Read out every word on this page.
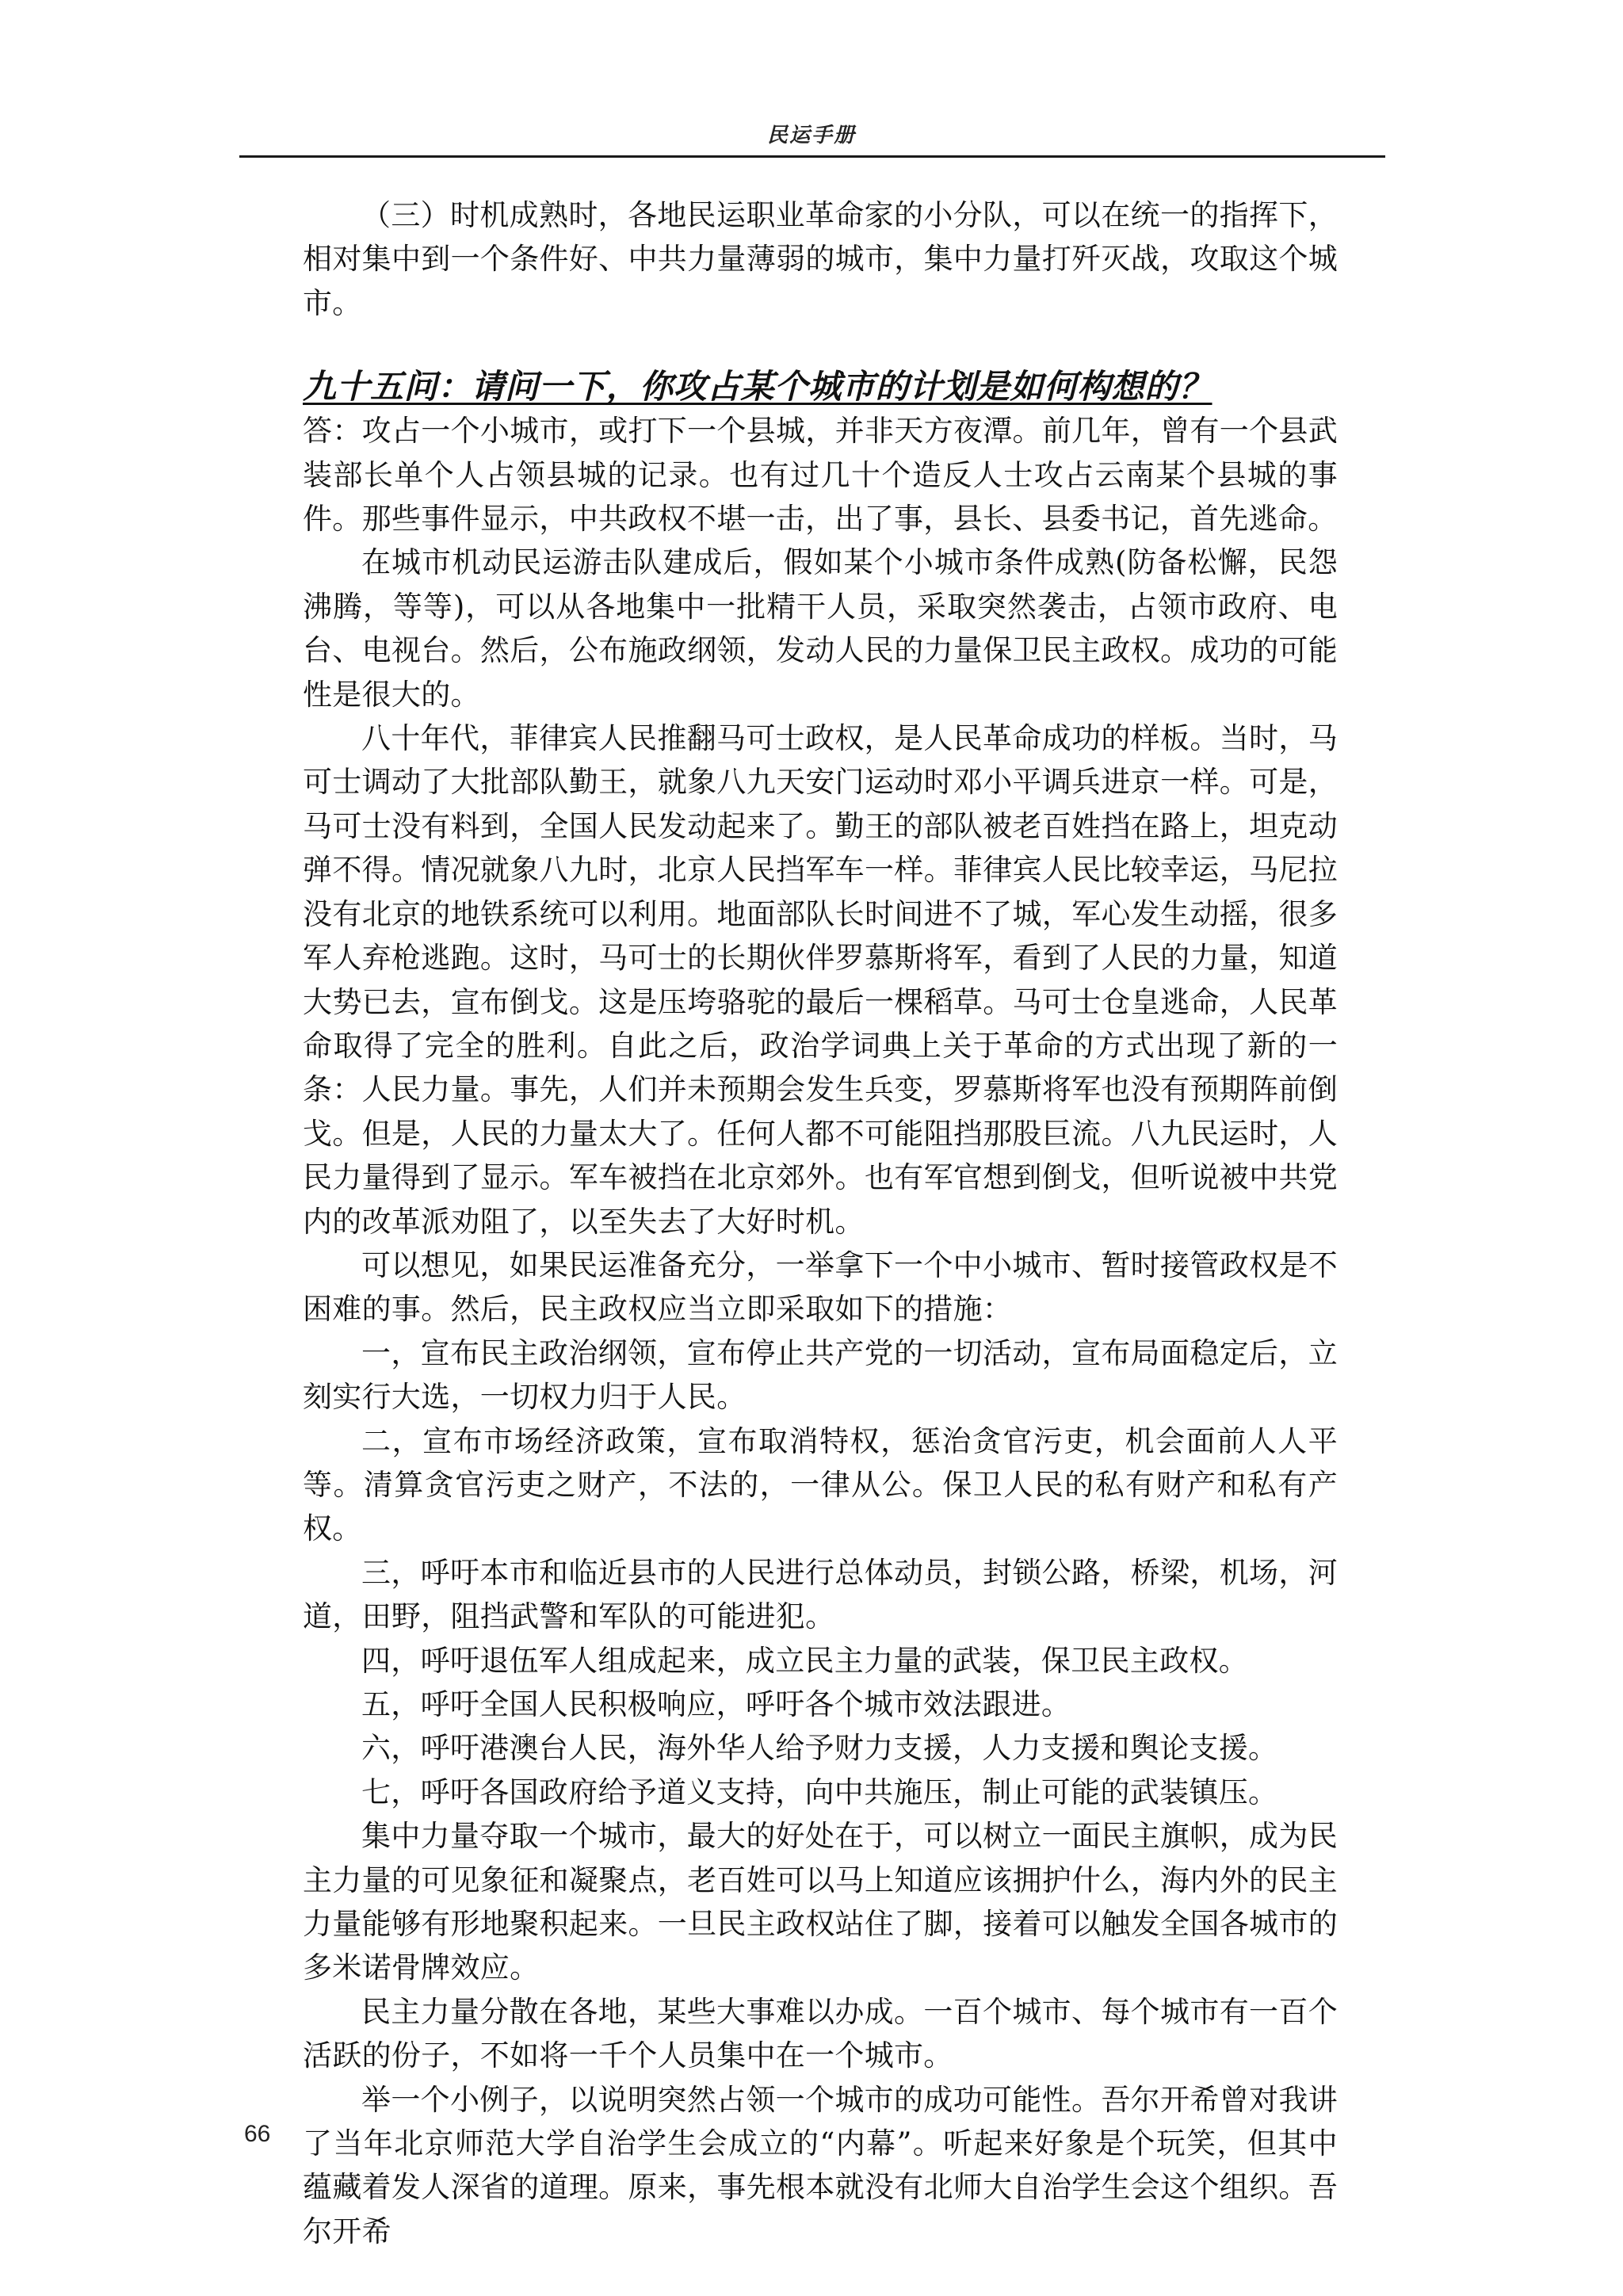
民运手册

（三）时机成熟时，各地民运职业革命家的小分队，可以在统一的指挥下，相对集中到一个条件好、中共力量薄弱的城市，集中力量打歼灭战，攻取这个城市。

九十五问：请问一下，你攻占某个城市的计划是如何构想的？

答：攻占一个小城市，或打下一个县城，并非天方夜潭。前几年，曾有一个县武装部长单个人占领县城的记录。也有过几十个造反人士攻占云南某个县城的事件。那些事件显示，中共政权不堪一击，出了事，县长、县委书记，首先逃命。

在城市机动民运游击队建成后，假如某个小城市条件成熟(防备松懈，民怨沸腾，等等)，可以从各地集中一批精干人员，采取突然袭击，占领市政府、电台、电视台。然后，公布施政纲领，发动人民的力量保卫民主政权。成功的可能性是很大的。

八十年代，菲律宾人民推翻马可士政权，是人民革命成功的样板。当时，马可士调动了大批部队勤王，就象八九天安门运动时邓小平调兵进京一样。可是，马可士没有料到，全国人民发动起来了。勤王的部队被老百姓挡在路上，坦克动弹不得。情况就象八九时，北京人民挡军车一样。菲律宾人民比较幸运，马尼拉没有北京的地铁系统可以利用。地面部队长时间进不了城，军心发生动摇，很多军人弃枪逃跑。这时，马可士的长期伙伴罗慕斯将军，看到了人民的力量，知道大势已去，宣布倒戈。这是压垮骆驼的最后一棵稻草。马可士仓皇逃命，人民革命取得了完全的胜利。自此之后，政治学词典上关于革命的方式出现了新的一条：人民力量。事先，人们并未预期会发生兵变，罗慕斯将军也没有预期阵前倒戈。但是，人民的力量太大了。任何人都不可能阻挡那股巨流。八九民运时，人民力量得到了显示。军车被挡在北京郊外。也有军官想到倒戈，但听说被中共党内的改革派劝阻了，以至失去了大好时机。

可以想见，如果民运准备充分，一举拿下一个中小城市、暂时接管政权是不困难的事。然后，民主政权应当立即采取如下的措施：

一，宣布民主政治纲领，宣布停止共产党的一切活动，宣布局面稳定后，立刻实行大选，一切权力归于人民。

二，宣布市场经济政策，宣布取消特权，惩治贪官污吏，机会面前人人平等。清算贪官污吏之财产，不法的，一律从公。保卫人民的私有财产和私有产权。

三，呼吁本市和临近县市的人民进行总体动员，封锁公路，桥梁，机场，河道，田野，阻挡武警和军队的可能进犯。

四，呼吁退伍军人组成起来，成立民主力量的武装，保卫民主政权。

五，呼吁全国人民积极响应，呼吁各个城市效法跟进。

六，呼吁港澳台人民，海外华人给予财力支援，人力支援和舆论支援。

七，呼吁各国政府给予道义支持，向中共施压，制止可能的武装镇压。

集中力量夺取一个城市，最大的好处在于，可以树立一面民主旗帜，成为民主力量的可见象征和凝聚点，老百姓可以马上知道应该拥护什么，海内外的民主力量能够有形地聚积起来。一旦民主政权站住了脚，接着可以触发全国各城市的多米诺骨牌效应。

民主力量分散在各地，某些大事难以办成。一百个城市、每个城市有一百个活跃的份子，不如将一千个人员集中在一个城市。

举一个小例子，以说明突然占领一个城市的成功可能性。吾尔开希曾对我讲了当年北京师范大学自治学生会成立的“内幕”。听起来好象是个玩笑，但其中蕴藏着发人深省的道理。原来，事先根本就没有北师大自治学生会这个组织。吾尔开希

66
